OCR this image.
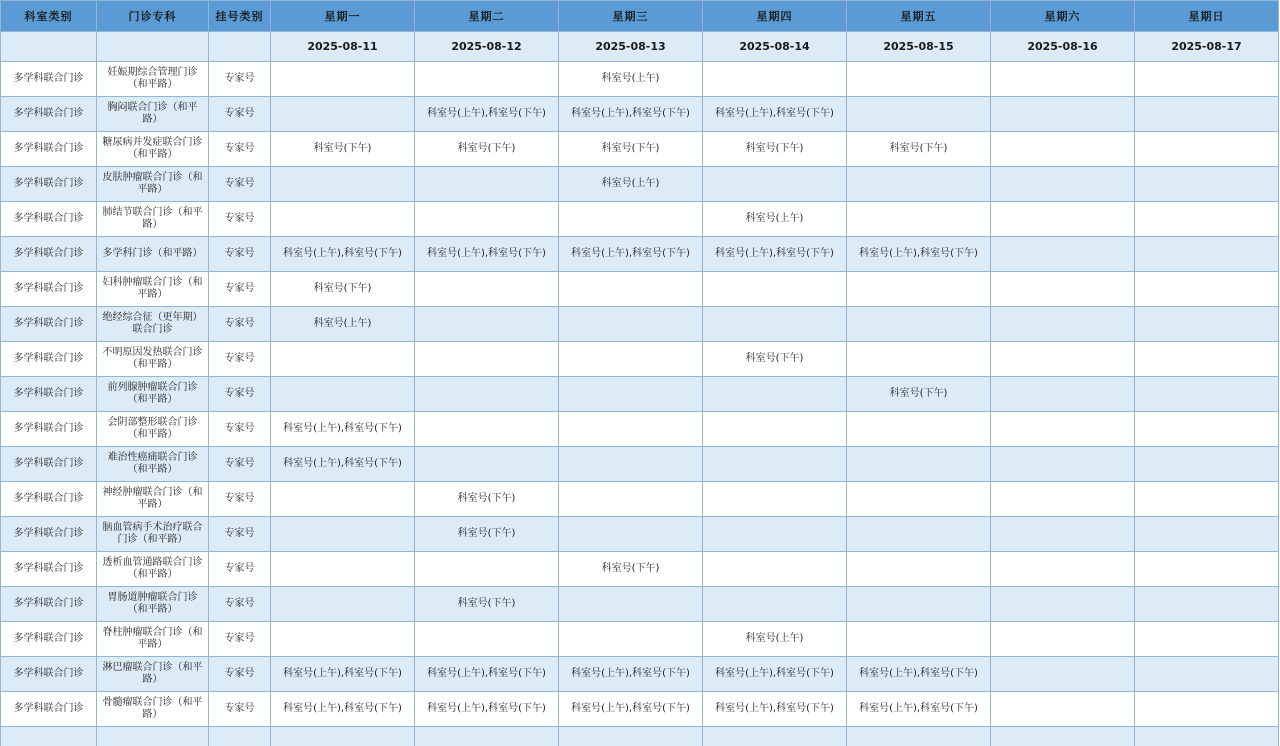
科室类别	门诊专科	挂号类别	星期一	星期二	星期三	星期四	星期五	星期六	星期日
			2025-08-11	2025-08-12	2025-08-13	2025-08-14	2025-08-15	2025-08-16	2025-08-17
多学科联合门诊	妊娠期综合管理门诊（和平路）	专家号			科室号(上午)				
多学科联合门诊	胸闷联合门诊（和平路）	专家号		科室号(上午),科室号(下午)	科室号(上午),科室号(下午)	科室号(上午),科室号(下午)			
多学科联合门诊	糖尿病并发症联合门诊（和平路）	专家号	科室号(下午)	科室号(下午)	科室号(下午)	科室号(下午)	科室号(下午)		
多学科联合门诊	皮肤肿瘤联合门诊（和平路）	专家号			科室号(上午)				
多学科联合门诊	肺结节联合门诊（和平路）	专家号				科室号(上午)			
多学科联合门诊	多学科门诊（和平路）	专家号	科室号(上午),科室号(下午)	科室号(上午),科室号(下午)	科室号(上午),科室号(下午)	科室号(上午),科室号(下午)	科室号(上午),科室号(下午)		
多学科联合门诊	妇科肿瘤联合门诊（和平路）	专家号	科室号(下午)						
多学科联合门诊	绝经综合征（更年期）联合门诊	专家号	科室号(上午)						
多学科联合门诊	不明原因发热联合门诊（和平路）	专家号				科室号(下午)			
多学科联合门诊	前列腺肿瘤联合门诊（和平路）	专家号					科室号(下午)		
多学科联合门诊	会阴部整形联合门诊（和平路）	专家号	科室号(上午),科室号(下午)						
多学科联合门诊	难治性癌痛联合门诊（和平路）	专家号	科室号(上午),科室号(下午)						
多学科联合门诊	神经肿瘤联合门诊（和平路）	专家号		科室号(下午)					
多学科联合门诊	脑血管病手术治疗联合门诊（和平路）	专家号		科室号(下午)					
多学科联合门诊	透析血管通路联合门诊（和平路）	专家号			科室号(下午)				
多学科联合门诊	胃肠道肿瘤联合门诊（和平路）	专家号		科室号(下午)					
多学科联合门诊	脊柱肿瘤联合门诊（和平路）	专家号				科室号(上午)			
多学科联合门诊	淋巴瘤联合门诊（和平路）	专家号	科室号(上午),科室号(下午)	科室号(上午),科室号(下午)	科室号(上午),科室号(下午)	科室号(上午),科室号(下午)	科室号(上午),科室号(下午)		
多学科联合门诊	骨髓瘤联合门诊（和平路）	专家号	科室号(上午),科室号(下午)	科室号(上午),科室号(下午)	科室号(上午),科室号(下午)	科室号(上午),科室号(下午)	科室号(上午),科室号(下午)		
